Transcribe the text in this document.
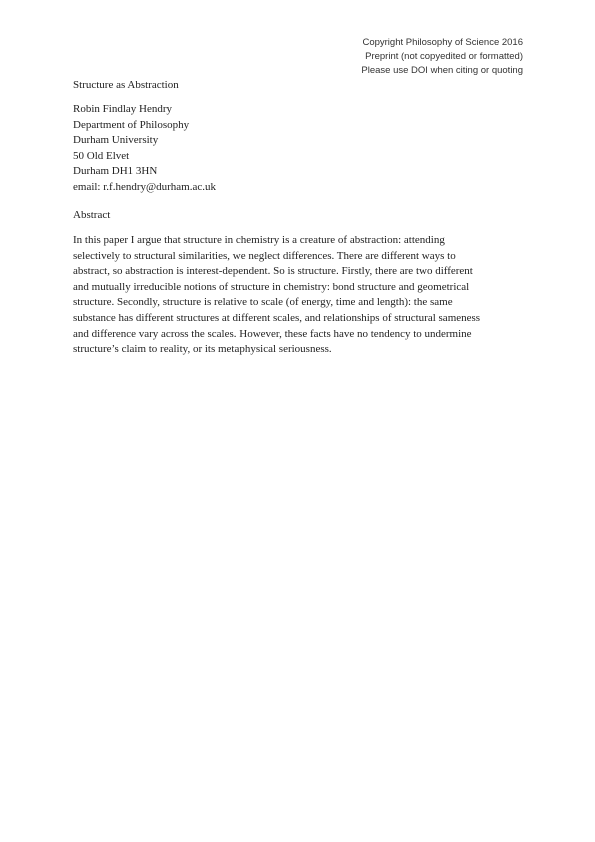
Copyright Philosophy of Science 2016
Preprint (not copyedited or formatted)
Please use DOI when citing or quoting
Structure as Abstraction
Robin Findlay Hendry
Department of Philosophy
Durham University
50 Old Elvet
Durham DH1 3HN
email: r.f.hendry@durham.ac.uk
Abstract
In this paper I argue that structure in chemistry is a creature of abstraction: attending
selectively to structural similarities, we neglect differences. There are different ways to
abstract, so abstraction is interest-dependent. So is structure. Firstly, there are two different
and mutually irreducible notions of structure in chemistry: bond structure and geometrical
structure. Secondly, structure is relative to scale (of energy, time and length): the same
substance has different structures at different scales, and relationships of structural sameness
and difference vary across the scales. However, these facts have no tendency to undermine
structure’s claim to reality, or its metaphysical seriousness.
